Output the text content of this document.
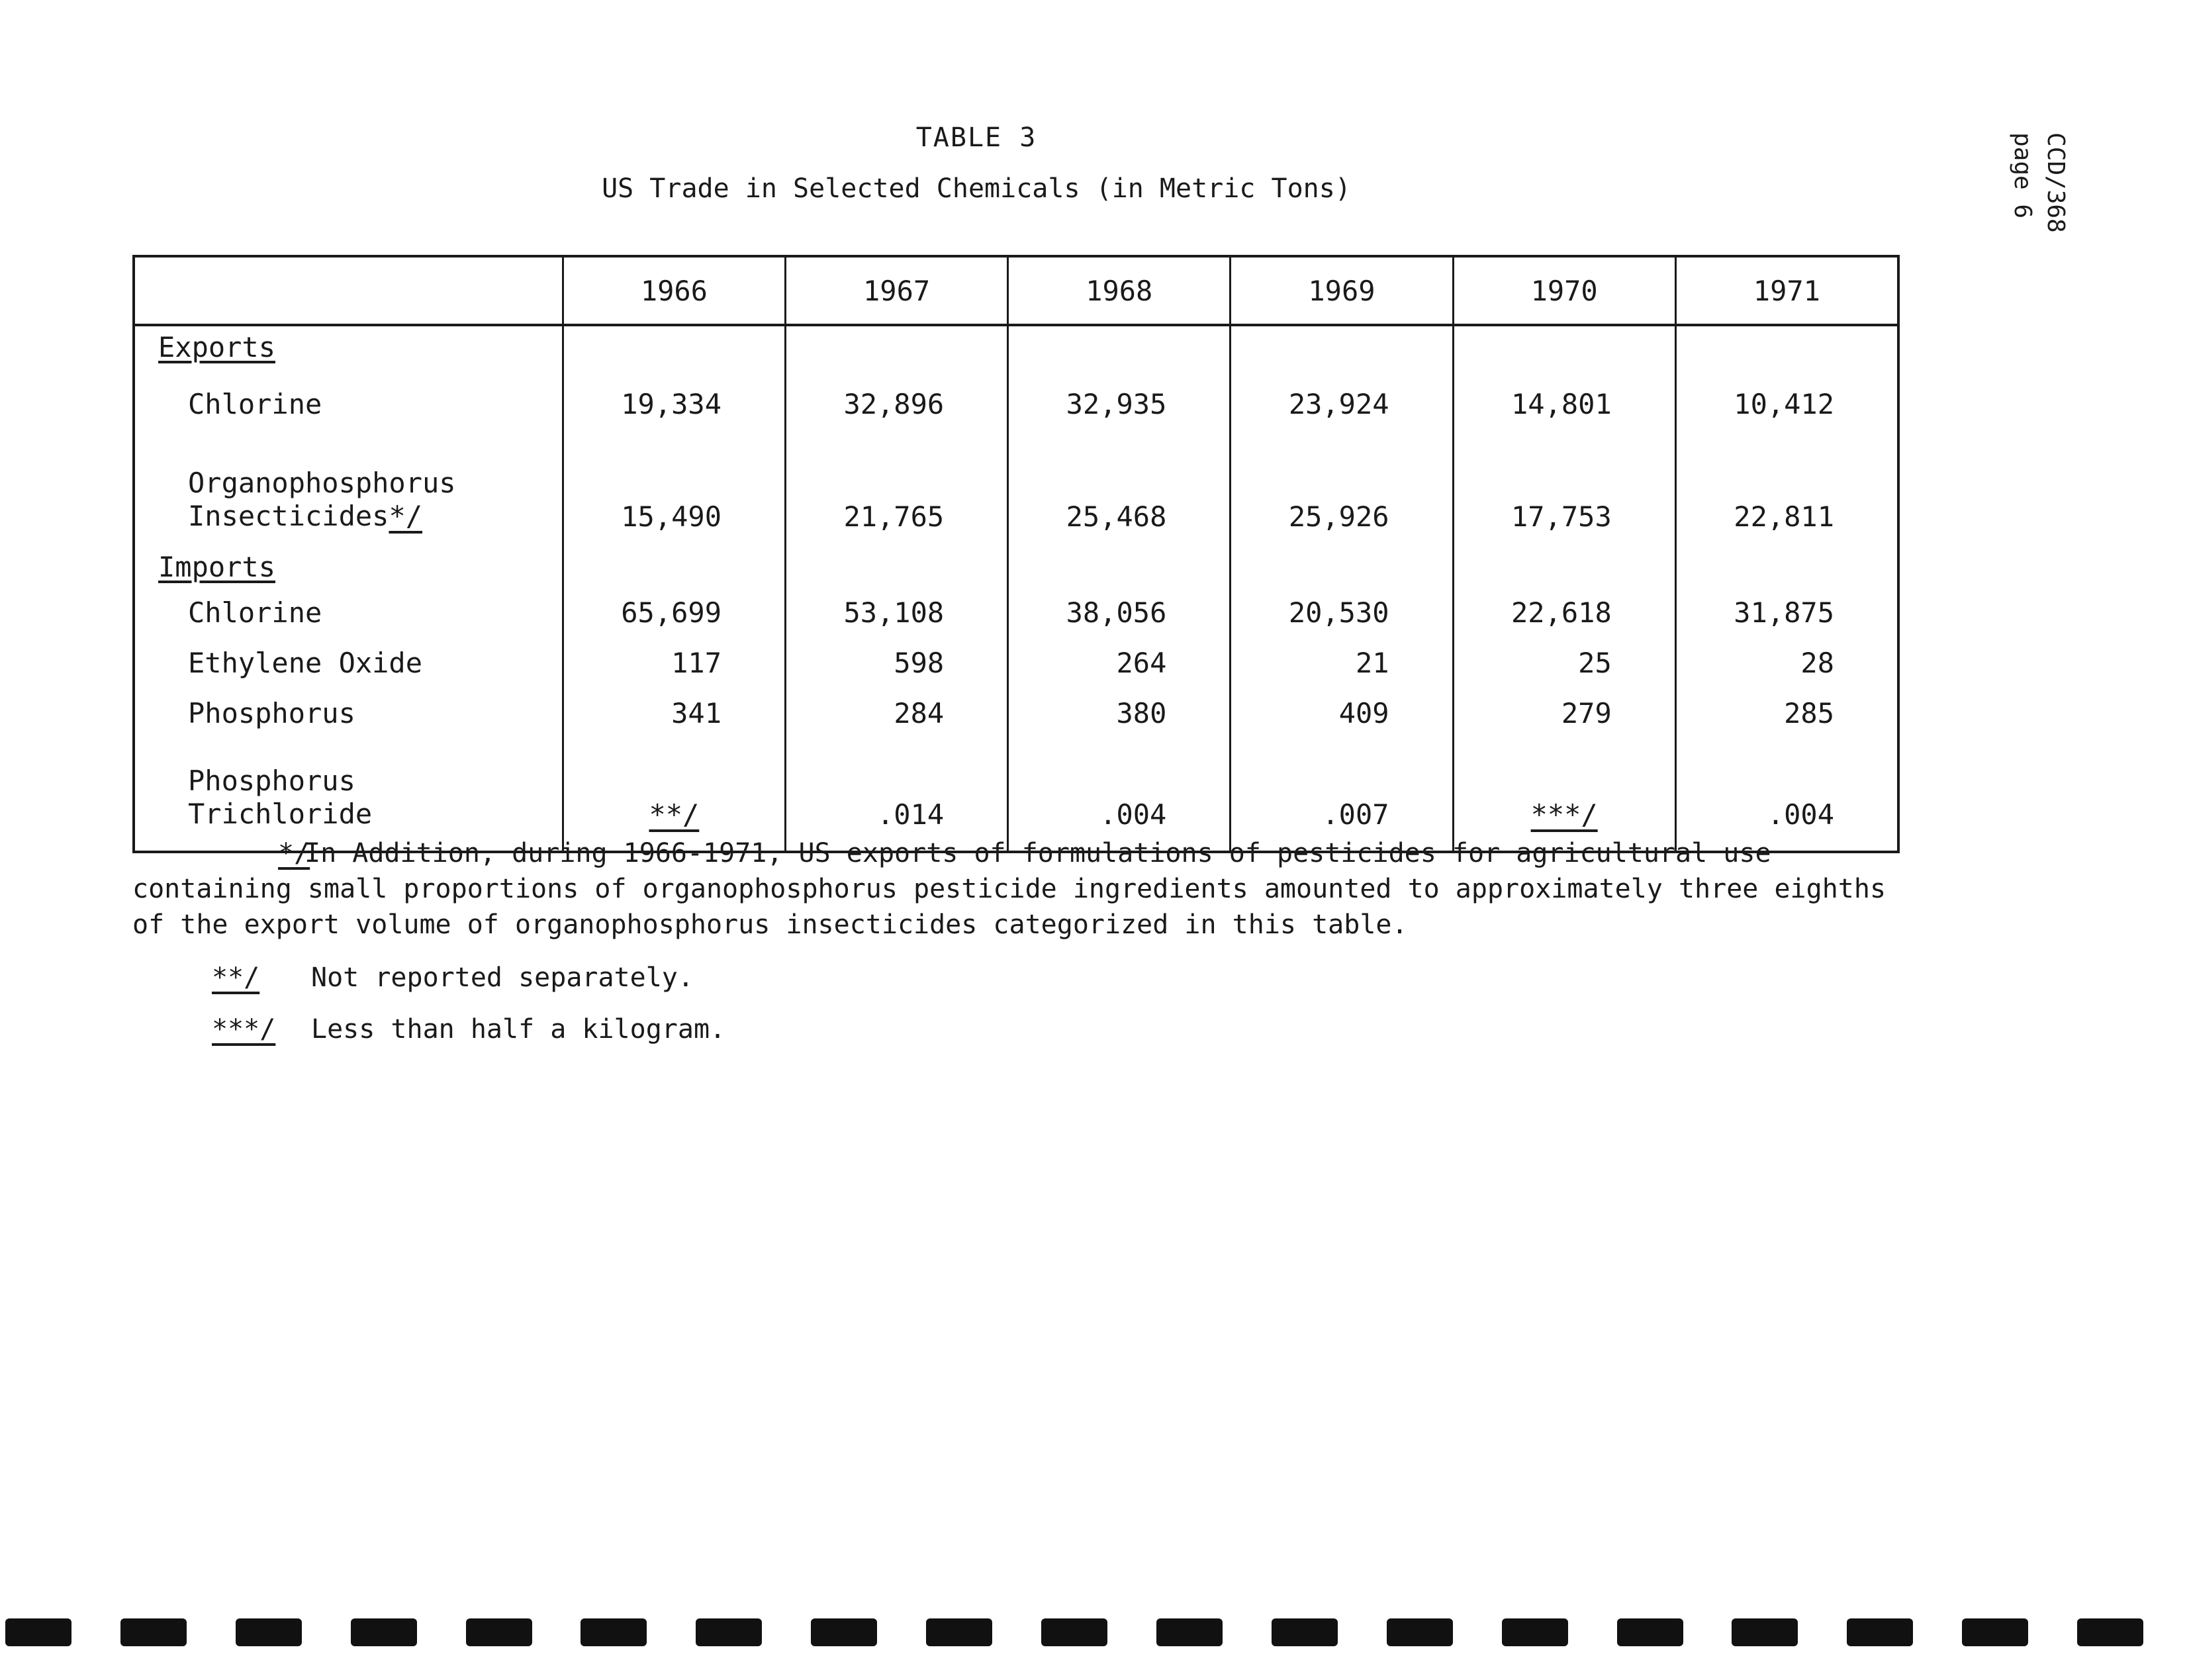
CCD/368
page 6
TABLE 3
US Trade in Selected Chemicals (in Metric Tons)
	1966	1967	1968	1969	1970	1971
Exports						
Chlorine	19,334	32,896	32,935	23,924	14,801	10,412

Organophosphorus
Insecticides*/	15,490	21,765	25,468	25,926	17,753	22,811
Imports						
Chlorine	65,699	53,108	38,056	20,530	22,618	31,875
Ethylene Oxide	117	598	264	21	25	28
Phosphorus	341	284	380	409	279	285

Phosphorus
Trichloride	**/	.014	.004	.007	***/	.004

*/In Addition, during 1966-1971, US exports of formulations of pesticides for agricultural use containing small proportions of organophosphorus pesticide ingredients amounted to approximately three eighths of the export volume of organophosphorus insecticides categorized in this table.

**/ Not reported separately.

***/ Less than half a kilogram.
